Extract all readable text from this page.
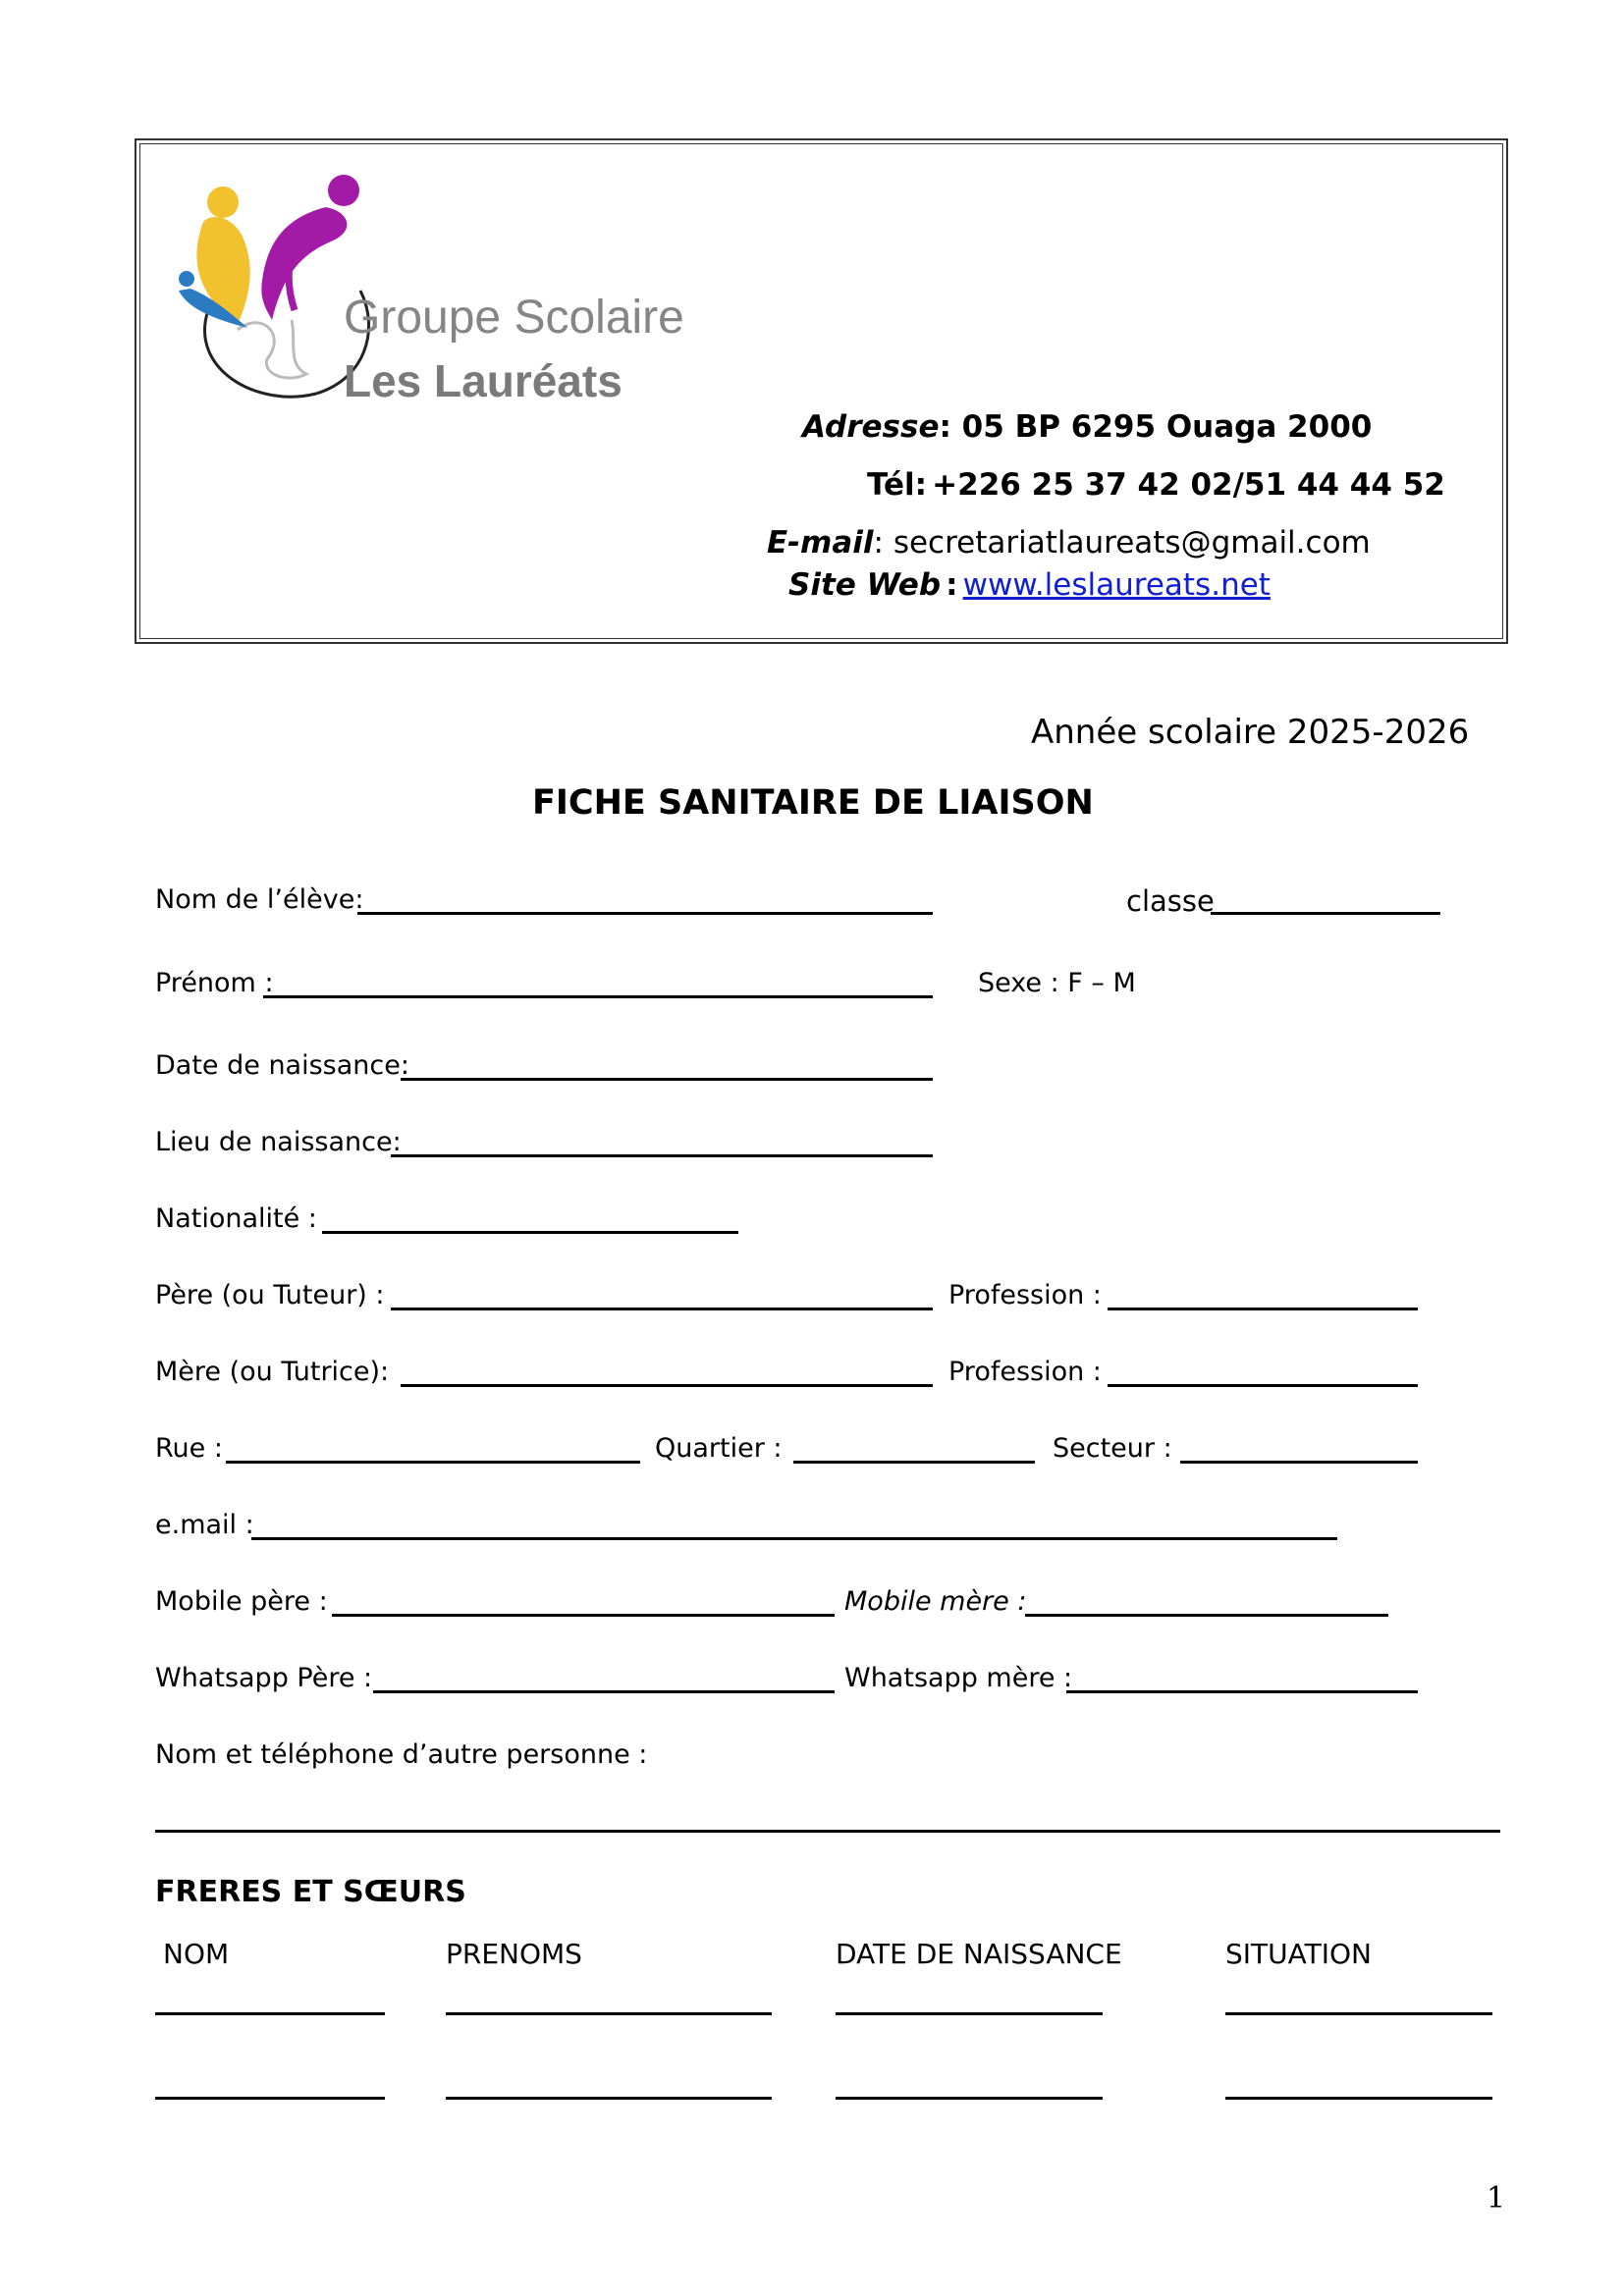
Groupe Scolaire
Les Lauréats
Adresse: 05 BP 6295 Ouaga 2000
Tél: +226 25 37 42 02/51 44 44 52
E-mail: secretariatlaureats@gmail.com
Site Web : www.leslaureats.net
Année scolaire 2025-2026
FICHE SANITAIRE DE LIAISON
Nom de l’élève:	classe
Prénom :	Sexe : F – M
Date de naissance:
Lieu de naissance:
Nationalité :
Père (ou Tuteur) :	Profession :
Mère (ou Tutrice):	Profession :
Rue :	Quartier :	Secteur :
e.mail :
Mobile père :	Mobile mère :
Whatsapp Père :	Whatsapp mère :
Nom et téléphone d’autre personne :
FRERES ET SŒURS
NOM	PRENOMS	DATE DE NAISSANCE	SITUATION
1
